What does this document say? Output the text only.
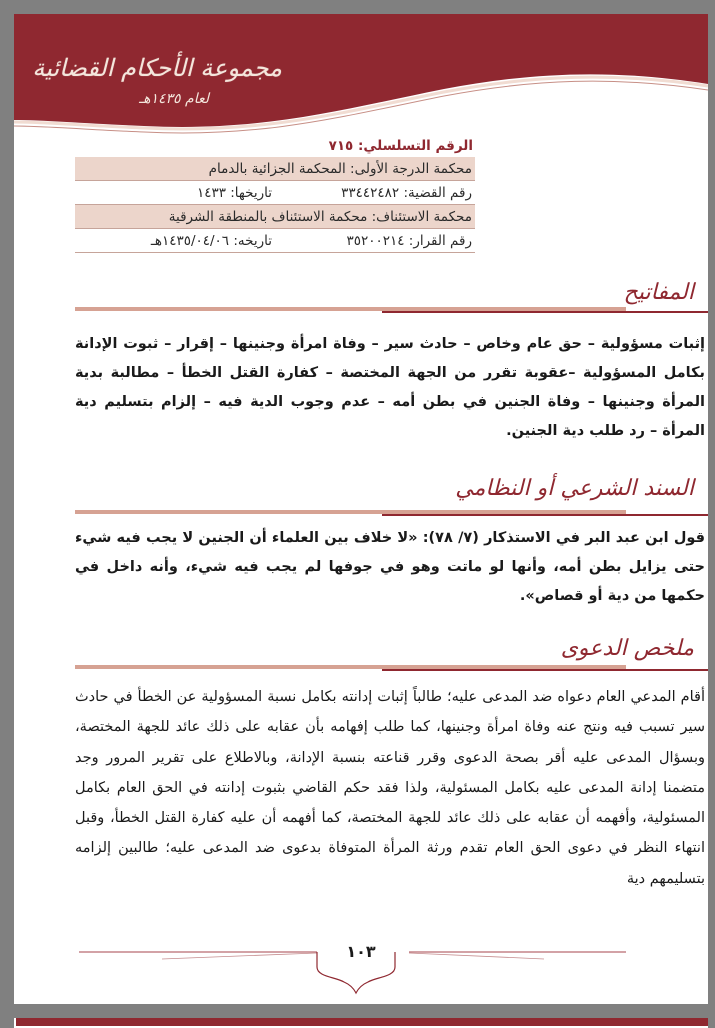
مجموعة الأحكام القضائية
لعام ١٤٣٥هـ
الرقم التسلسلي: ٧١٥
محكمة الدرجة الأولى: المحكمة الجزائية بالدمام
رقم القضية: ٣٣٤٤٢٤٨٢
تاريخها: ١٤٣٣
محكمة الاستئناف: محكمة الاستئناف بالمنطقة الشرقية
رقم القرار: ٣٥٢٠٠٢١٤
تاريخه: ١٤٣٥/٠٤/٠٦هـ
المفاتيح
إثبات مسؤولية – حق عام وخاص – حادث سير – وفاة امرأة وجنينها – إقرار – ثبوت الإدانة بكامل المسؤولية –عقوبة تقرر من الجهة المختصة – كفارة القتل الخطأ – مطالبة بدية المرأة وجنينها – وفاة الجنين في بطن أمه – عدم وجوب الدية فيه – إلزام بتسليم دية المرأة – رد طلب دية الجنين.
السند الشرعي أو النظامي
قول ابن عبد البر في الاستذكار (٧/ ٧٨): «لا خلاف بين العلماء أن الجنين لا يجب فيه شيء حتى يزايل بطن أمه، وأنها لو ماتت وهو في جوفها لم يجب فيه شيء، وأنه داخل في حكمها من دية أو قصاص».
ملخص الدعوى
أقام المدعي العام دعواه ضد المدعى عليه؛ طالباً إثبات إدانته بكامل نسبة المسؤولية عن الخطأ في حادث سير تسبب فيه ونتج عنه وفاة امرأة وجنينها، كما طلب إفهامه بأن عقابه على ذلك عائد للجهة المختصة، وبسؤال المدعى عليه أقر بصحة الدعوى وقرر قناعته بنسبة الإدانة، وبالاطلاع على تقرير المرور وجد متضمنا إدانة المدعى عليه بكامل المسئولية، ولذا فقد حكم القاضي بثبوت إدانته في الحق العام بكامل المسئولية، وأفهمه أن عقابه على ذلك عائد للجهة المختصة، كما أفهمه أن عليه كفارة القتل الخطأ، وقبل انتهاء النظر في دعوى الحق العام تقدم ورثة المرأة المتوفاة بدعوى ضد المدعى عليه؛ طالبين إلزامه بتسليمهم دية
١٠٣
